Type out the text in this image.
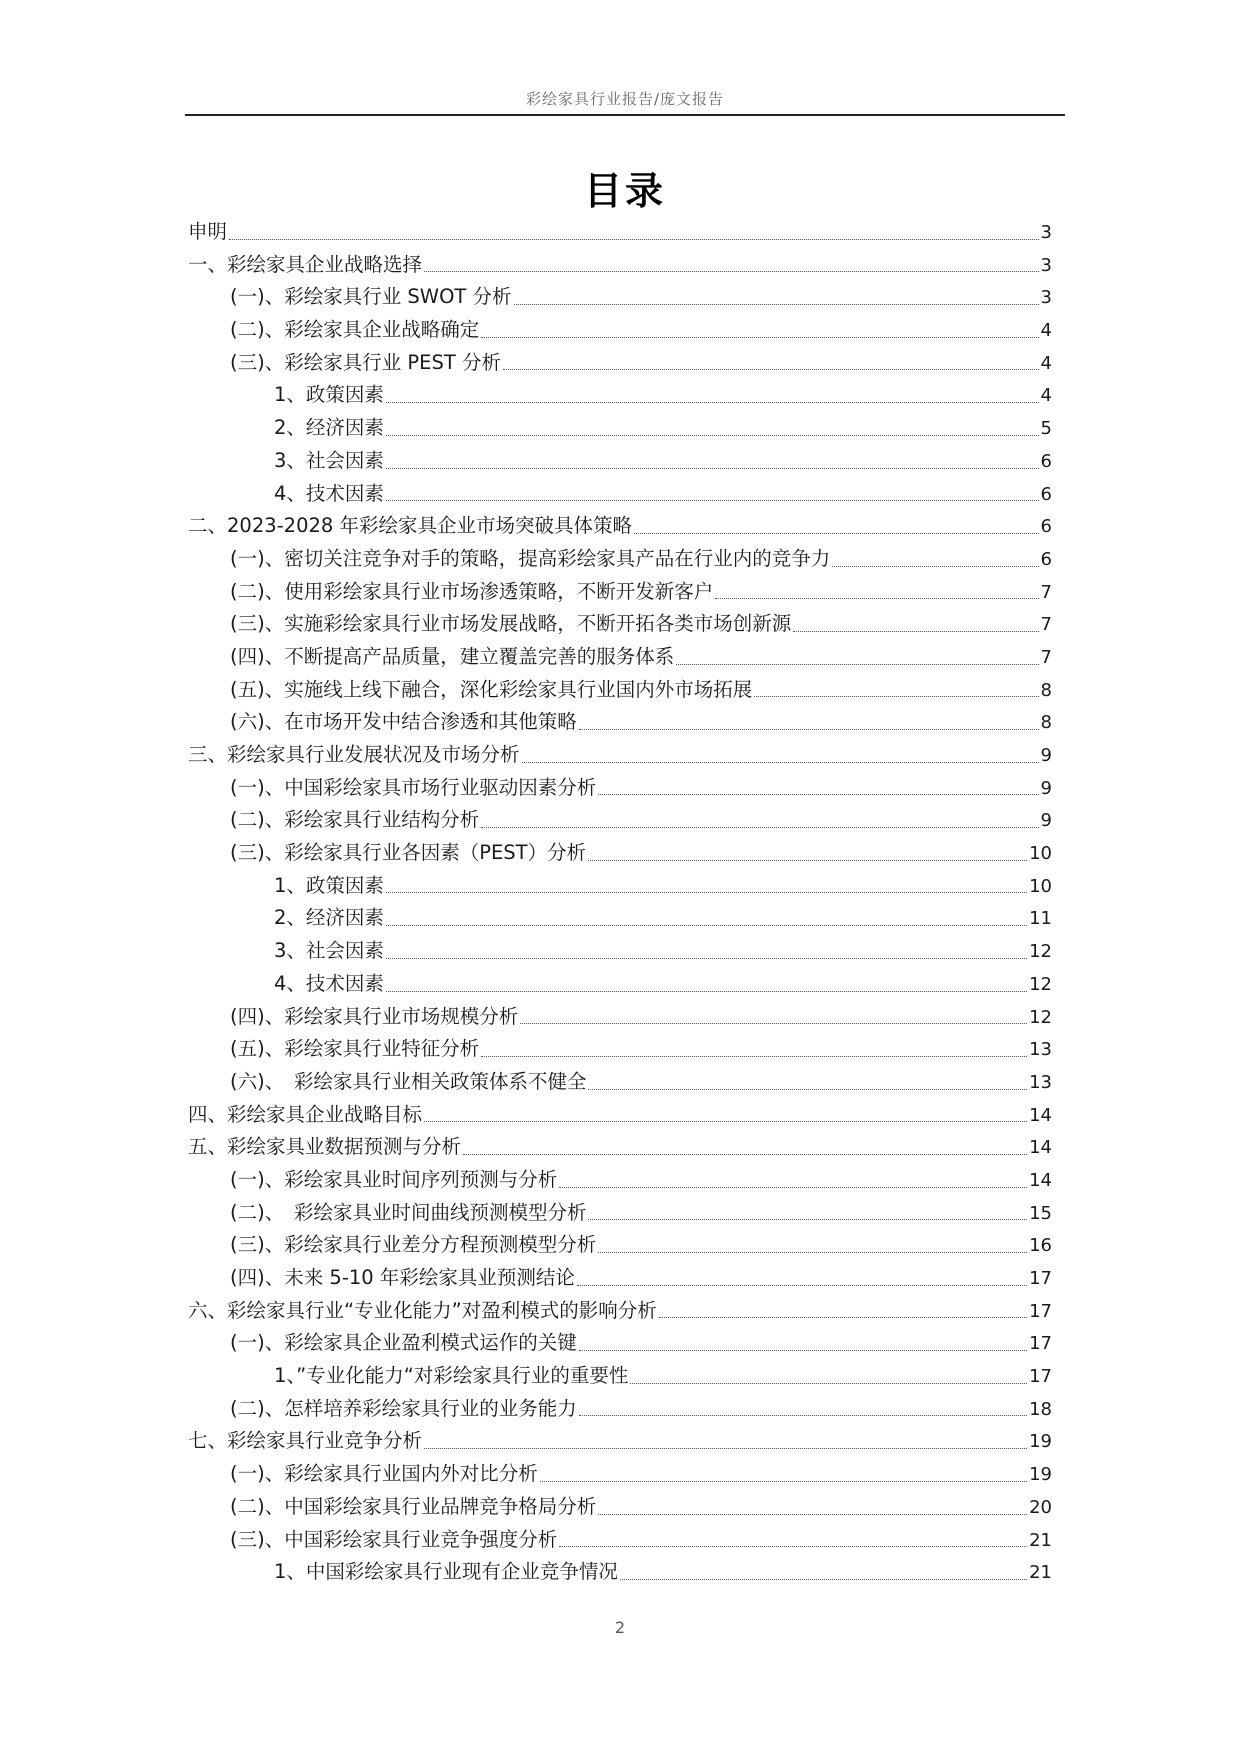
彩绘家具行业报告/庞文报告
目录
申明	3
一、彩绘家具企业战略选择	3
(一)、彩绘家具行业 SWOT 分析	3
(二)、彩绘家具企业战略确定	4
(三)、彩绘家具行业 PEST 分析	4
1、政策因素	4
2、经济因素	5
3、社会因素	6
4、技术因素	6
二、2023-2028 年彩绘家具企业市场突破具体策略	6
(一)、密切关注竞争对手的策略，提高彩绘家具产品在行业内的竞争力	6
(二)、使用彩绘家具行业市场渗透策略，不断开发新客户	7
(三)、实施彩绘家具行业市场发展战略，不断开拓各类市场创新源	7
(四)、不断提高产品质量，建立覆盖完善的服务体系	7
(五)、实施线上线下融合，深化彩绘家具行业国内外市场拓展	8
(六)、在市场开发中结合渗透和其他策略	8
三、彩绘家具行业发展状况及市场分析	9
(一)、中国彩绘家具市场行业驱动因素分析	9
(二)、彩绘家具行业结构分析	9
(三)、彩绘家具行业各因素（PEST）分析	10
1、政策因素	10
2、经济因素	11
3、社会因素	12
4、技术因素	12
(四)、彩绘家具行业市场规模分析	12
(五)、彩绘家具行业特征分析	13
(六)、　彩绘家具行业相关政策体系不健全	13
四、彩绘家具企业战略目标	14
五、彩绘家具业数据预测与分析	14
(一)、彩绘家具业时间序列预测与分析	14
(二)、　彩绘家具业时间曲线预测模型分析	15
(三)、彩绘家具行业差分方程预测模型分析	16
(四)、未来 5-10 年彩绘家具业预测结论	17
六、彩绘家具行业“专业化能力”对盈利模式的影响分析	17
(一)、彩绘家具企业盈利模式运作的关键	17
1、”专业化能力“对彩绘家具行业的重要性	17
(二)、怎样培养彩绘家具行业的业务能力	18
七、彩绘家具行业竞争分析	19
(一)、彩绘家具行业国内外对比分析	19
(二)、中国彩绘家具行业品牌竞争格局分析	20
(三)、中国彩绘家具行业竞争强度分析	21
1、中国彩绘家具行业现有企业竞争情况	21
2
